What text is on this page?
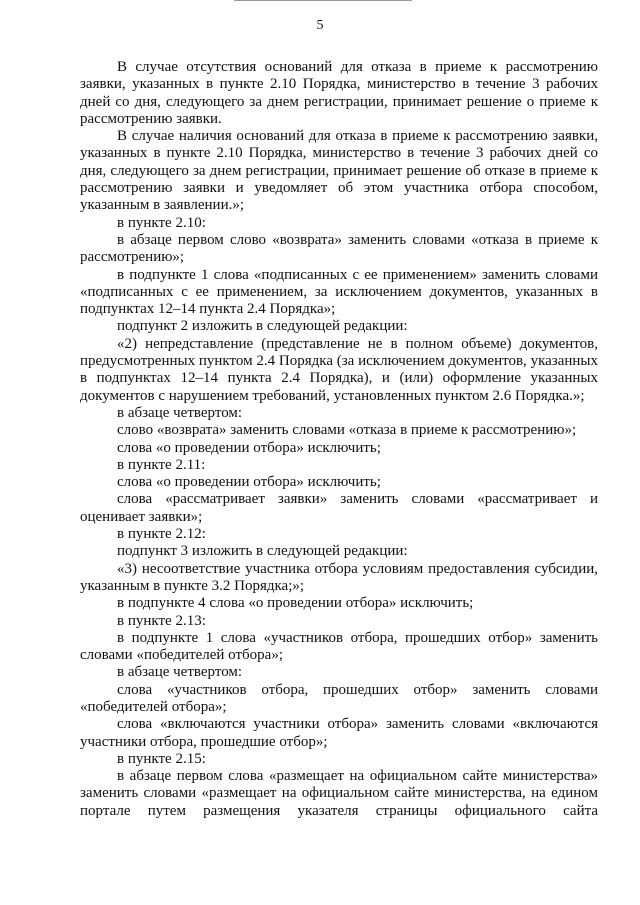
5

В случае отсутствия оснований для отказа в приеме к рассмотрению заявки, указанных в пункте 2.10 Порядка, министерство в течение 3 рабочих дней со дня, следующего за днем регистрации, принимает решение о приеме к рассмотрению заявки.

В случае наличия оснований для отказа в приеме к рассмотрению заявки, указанных в пункте 2.10 Порядка, министерство в течение 3 рабочих дней со дня, следующего за днем регистрации, принимает решение об отказе в приеме к рассмотрению заявки и уведомляет об этом участника отбора способом, указанным в заявлении.»;

в пункте 2.10:

в абзаце первом слово «возврата» заменить словами «отказа в приеме к рассмотрению»;

в подпункте 1 слова «подписанных с ее применением» заменить словами «подписанных с ее применением, за исключением документов, указанных в подпунктах 12–14 пункта 2.4 Порядка»;

подпункт 2 изложить в следующей редакции:

«2) непредставление (представление не в полном объеме) документов, предусмотренных пунктом 2.4 Порядка (за исключением документов, указанных в подпунктах 12–14 пункта 2.4 Порядка), и (или) оформление указанных документов с нарушением требований, установленных пунктом 2.6 Порядка.»;

в абзаце четвертом:

слово «возврата» заменить словами «отказа в приеме к рассмотрению»;

слова «о проведении отбора» исключить;

в пункте 2.11:

слова «о проведении отбора» исключить;

слова «рассматривает заявки» заменить словами «рассматривает и оценивает заявки»;

в пункте 2.12:

подпункт 3 изложить в следующей редакции:

«3) несоответствие участника отбора условиям предоставления субсидии, указанным в пункте 3.2 Порядка;»;

в подпункте 4 слова «о проведении отбора» исключить;

в пункте 2.13:

в подпункте 1 слова «участников отбора, прошедших отбор» заменить словами «победителей отбора»;

в абзаце четвертом:

слова «участников отбора, прошедших отбор» заменить словами «победителей отбора»;

слова «включаются участники отбора» заменить словами «включаются участники отбора, прошедшие отбор»;

в пункте 2.15:

в абзаце первом слова «размещает на официальном сайте министерства» заменить словами «размещает на официальном сайте министерства, на едином портале путем размещения указателя страницы официального сайта
